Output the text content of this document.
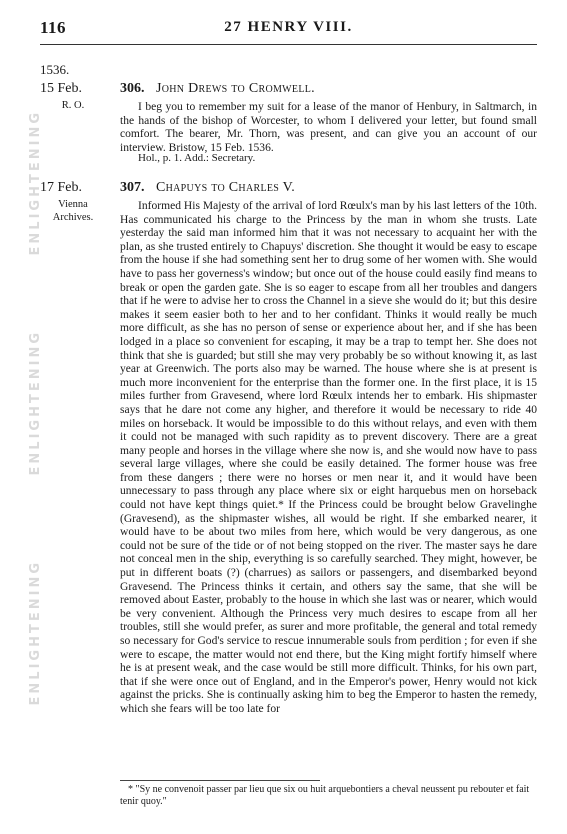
116	27 HENRY VIII.
ENLIGHTENING
ENLIGHTENING
ENLIGHTENING
1536.
15 Feb.
R. O.
306. John Drews to Cromwell.

I beg you to remember my suit for a lease of the manor of Henbury, in Saltmarch, in the hands of the bishop of Worcester, to whom I delivered your letter, but found small comfort. The bearer, Mr. Thorn, was present, and can give you an account of our interview. Bristow, 15 Feb. 1536.

Hol., p. 1. Add.: Secretary.
17 Feb.
Vienna Archives.
307. Chapuys to Charles V.

Informed His Majesty of the arrival of lord Rœulx's man by his last letters of the 10th. Has communicated his charge to the Princess by the man in whom she trusts. Late yesterday the said man informed him that it was not necessary to acquaint her with the plan, as she trusted entirely to Chapuys' discretion. She thought it would be easy to escape from the house if she had something sent her to drug some of her women with. She would have to pass her governess's window; but once out of the house could easily find means to break or open the garden gate. She is so eager to escape from all her troubles and dangers that if he were to advise her to cross the Channel in a sieve she would do it; but this desire makes it seem easier both to her and to her confidant. Thinks it would really be much more difficult, as she has no person of sense or experience about her, and if she has been lodged in a place so convenient for escaping, it may be a trap to tempt her. She does not think that she is guarded; but still she may very probably be so without knowing it, as last year at Greenwich. The ports also may be warned. The house where she is at present is much more inconvenient for the enterprise than the former one. In the first place, it is 15 miles further from Gravesend, where lord Rœulx intends her to embark. His shipmaster says that he dare not come any higher, and therefore it would be necessary to ride 40 miles on horseback. It would be impossible to do this without relays, and even with them it could not be managed with such rapidity as to prevent discovery. There are a great many people and horses in the village where she now is, and she would now have to pass several large villages, where she could be easily detained. The former house was free from these dangers ; there were no horses or men near it, and it would have been unnecessary to pass through any place where six or eight harquebus men on horseback could not have kept things quiet.* If the Princess could be brought below Gravelinghe (Gravesend), as the shipmaster wishes, all would be right. If she embarked nearer, it would have to be about two miles from here, which would be very dangerous, as one could not be sure of the tide or of not being stopped on the river. The master says he dare not conceal men in the ship, everything is so carefully searched. They might, however, be put in different boats (?) (charrues) as sailors or passengers, and disembarked beyond Gravesend. The Princess thinks it certain, and others say the same, that she will be removed about Easter, probably to the house in which she last was or nearer, which would be very convenient. Although the Princess very much desires to escape from all her troubles, still she would prefer, as surer and more profitable, the general and total remedy so necessary for God's service to rescue innumerable souls from perdition ; for even if she were to escape, the matter would not end there, but the King might fortify himself where he is at present weak, and the case would be still more difficult. Thinks, for his own part, that if she were once out of England, and in the Emperor's power, Henry would not kick against the pricks. She is continually asking him to beg the Emperor to hasten the remedy, which she fears will be too late for

* "Sy ne convenoit passer par lieu que six ou huit arquebontiers a cheval neussent pu rebouter et fait tenir quoy."
